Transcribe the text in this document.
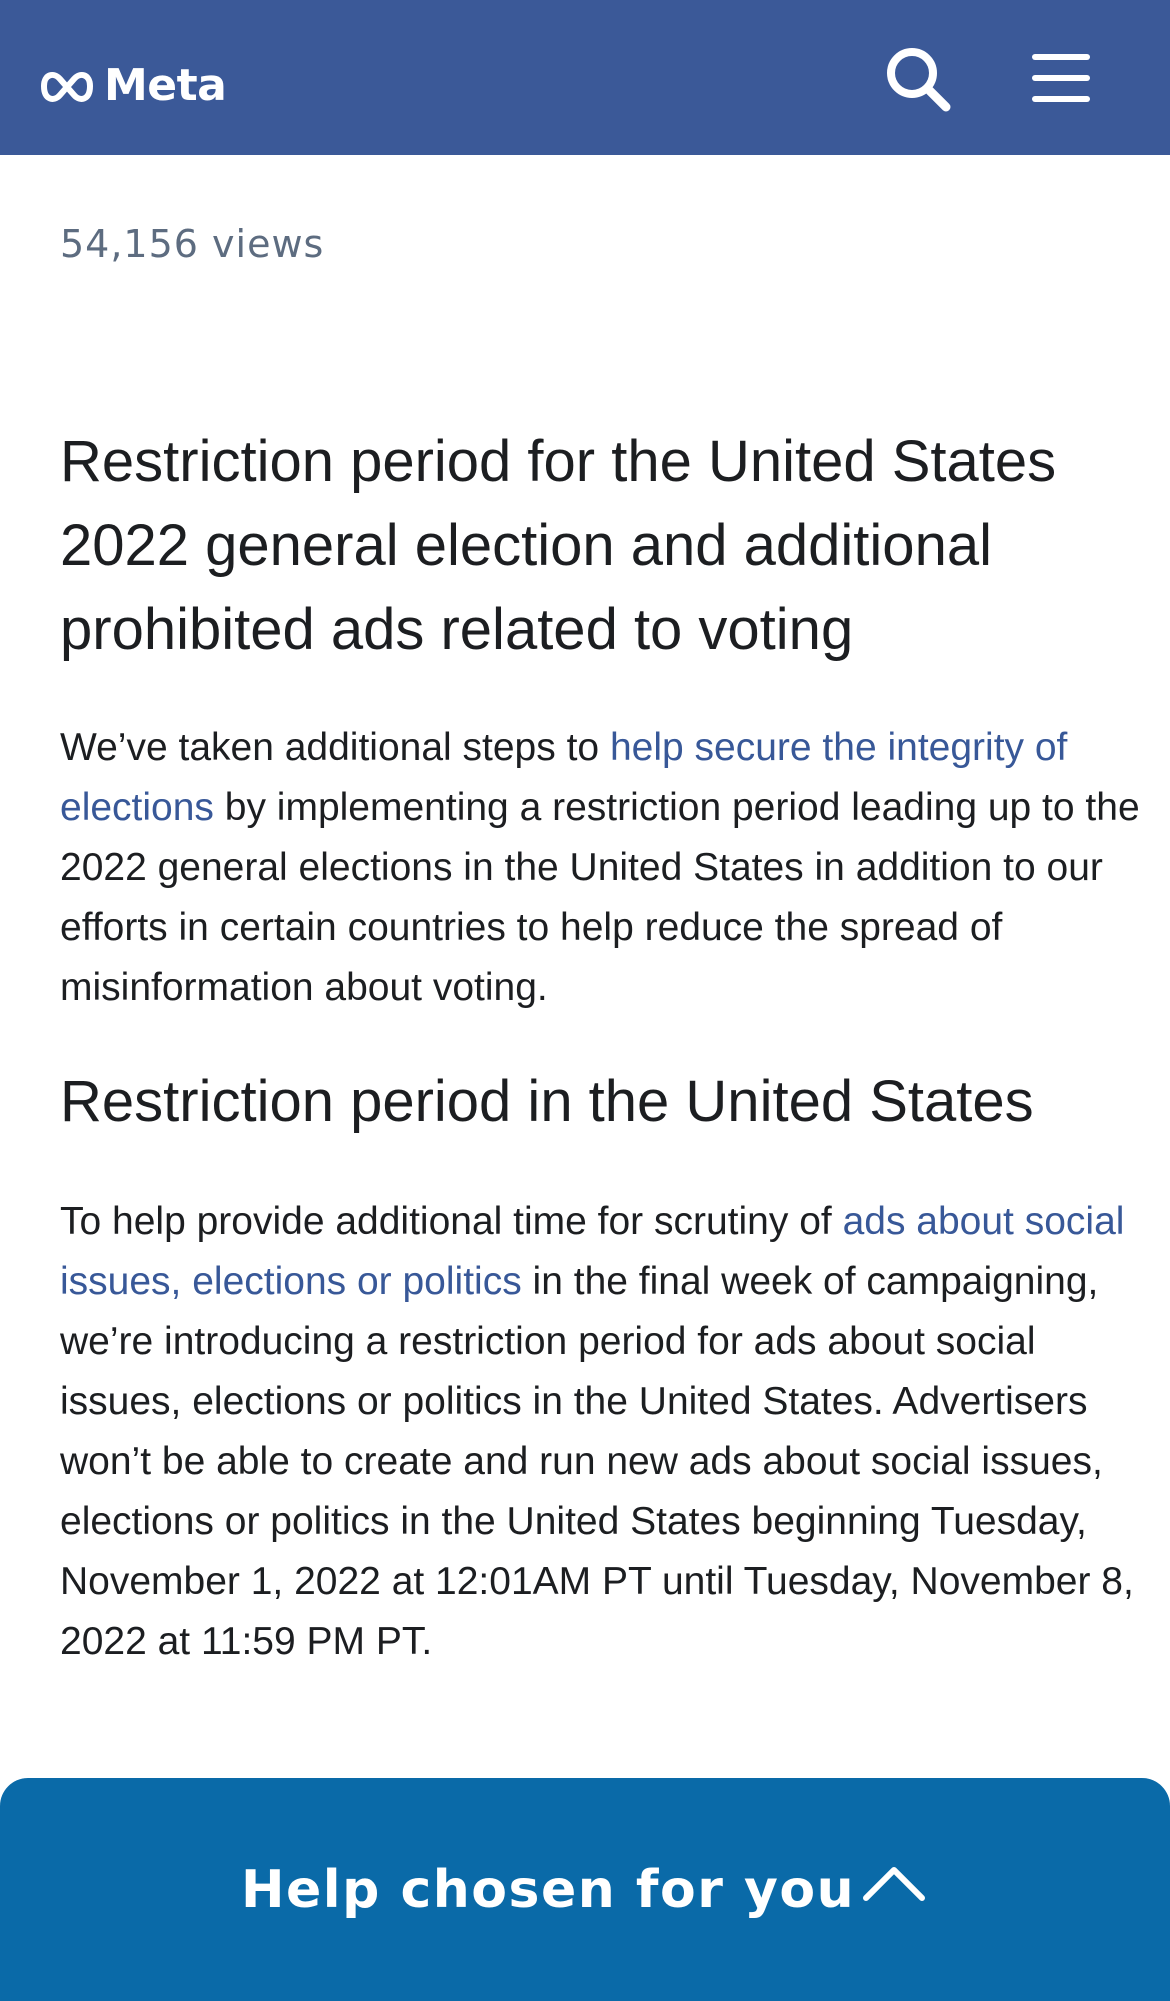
Meta
54,156 views
Restriction period for the United States 2022 general election and additional prohibited ads related to voting

We’ve taken additional steps to help secure the integrity of elections by implementing a restriction period leading up to the 2022 general elections in the United States in addition to our efforts in certain countries to help reduce the spread of misinformation about voting.

Restriction period in the United States

To help provide additional time for scrutiny of ads about social issues, elections or politics in the final week of campaigning, we’re introducing a restriction period for ads about social issues, elections or politics in the United States. Advertisers won’t be able to create and run new ads about social issues, elections or politics in the United States beginning Tuesday, November 1, 2022 at 12:01AM PT until Tuesday, November 8, 2022 at 11:59 PM PT.

Help chosen for you
